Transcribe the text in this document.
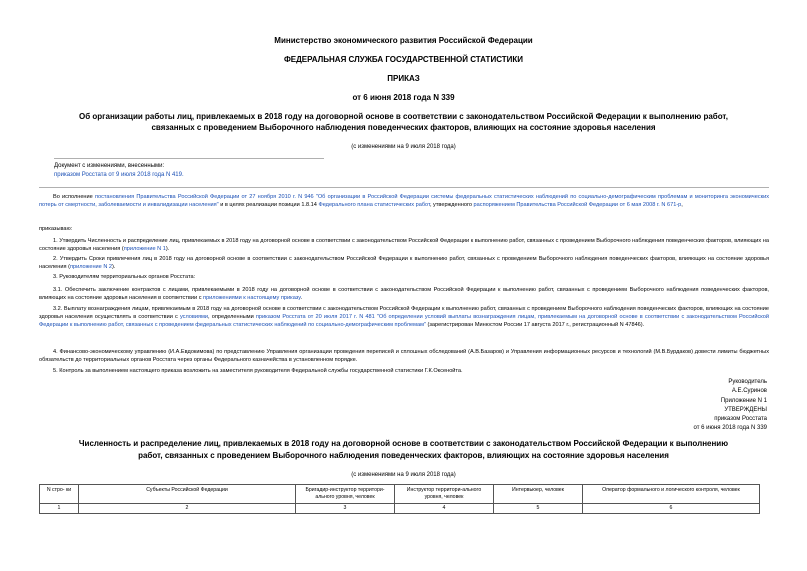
Министерство экономического развития Российской Федерации
ФЕДЕРАЛЬНАЯ СЛУЖБА ГОСУДАРСТВЕННОЙ СТАТИСТИКИ
ПРИКАЗ
от 6 июня 2018 года N 339
Об организации работы лиц, привлекаемых в 2018 году на договорной основе в соответствии с законодательством Российской Федерации к выполнению работ,
связанных с проведением Выборочного наблюдения поведенческих факторов, влияющих на состояние здоровья населения
(с изменениями на 9 июля 2018 года)
Документ с изменениями, внесенными:
приказом Росстата от 9 июля 2018 года N 419.
Во исполнение постановления Правительства Российской Федерации от 27 ноября 2010 г. N 946 "Об организации в Российской Федерации системы федеральных статистических наблюдений по социально-демографическим проблемам и мониторинга экономических потерь от смертности, заболеваемости и инвалидизации населения" и в целях реализации позиции 1.8.14 Федерального плана статистических работ, утвержденного распоряжением Правительства Российской Федерации от 6 мая 2008 г. N 671-р,
приказываю:
1. Утвердить Численность и распределение лиц, привлекаемых в 2018 году на договорной основе в соответствии с законодательством Российской Федерации к выполнению работ, связанных с проведением Выборочного наблюдения поведенческих факторов, влияющих на состояние здоровья населения (приложение N 1).
2. Утвердить Сроки привлечения лиц в 2018 году на договорной основе в соответствии с законодательством Российской Федерации к выполнению работ, связанных с проведением Выборочного наблюдения поведенческих факторов, влияющих на состояние здоровья населения (приложение N 2).
3. Руководителям территориальных органов Росстата:
3.1. Обеспечить заключение контрактов с лицами, привлекаемыми в 2018 году на договорной основе в соответствии с законодательством Российской Федерации к выполнению работ, связанных с проведением Выборочного наблюдения поведенческих факторов, влияющих на состояние здоровья населения в соответствии с приложениями к настоящему приказу.
3.2. Выплату вознаграждения лицам, привлекаемым в 2018 году на договорной основе в соответствии с законодательством Российской Федерации к выполнению работ, связанных с проведением Выборочного наблюдения поведенческих факторов, влияющих на состояние здоровья населения осуществлять в соответствии с условиями, определенными приказом Росстата от 20 июля 2017 г. N 481 "Об определении условий выплаты вознаграждения лицам, привлекаемым на договорной основе в соответствии с законодательством Российской Федерации к выполнению работ, связанных с проведением федеральных статистических наблюдений по социально-демографическим проблемам" (зарегистрирован Минюстом России 17 августа 2017 г., регистрационный N 47846).
4. Финансово-экономическому управлению (И.А.Евдокимова) по представлению Управления организации проведения переписей и сплошных обследований (А.В.Базаров) и Управления информационных ресурсов и технологий (М.В.Бурдаков) довести лимиты бюджетных обязательств до территориальных органов Росстата через органы Федерального казначейства в установленном порядке.
5. Контроль за выполнением настоящего приказа возложить на заместителя руководителя Федеральной службы государственной статистики Г.К.Оксенойта.
Руководитель
А.Е.Суринов
Приложение N 1
УТВЕРЖДЕНЫ
приказом Росстата
от 6 июня 2018 года N 339
Численность и распределение лиц, привлекаемых в 2018 году на договорной основе в соответствии с законодательством Российской Федерации к выполнению
работ, связанных с проведением Выборочного наблюдения поведенческих факторов, влияющих на состояние здоровья населения
(с изменениями на 9 июля 2018 года)
N стро- ки	Субъекты Российской Федерации	Бригадир-инструктор территори-ального уровня, человек	Инструктор территори-ального уровня, человек	Интервьюер, человек	Оператор формального и логического контроля, человек
1	2	3	4	5	6
